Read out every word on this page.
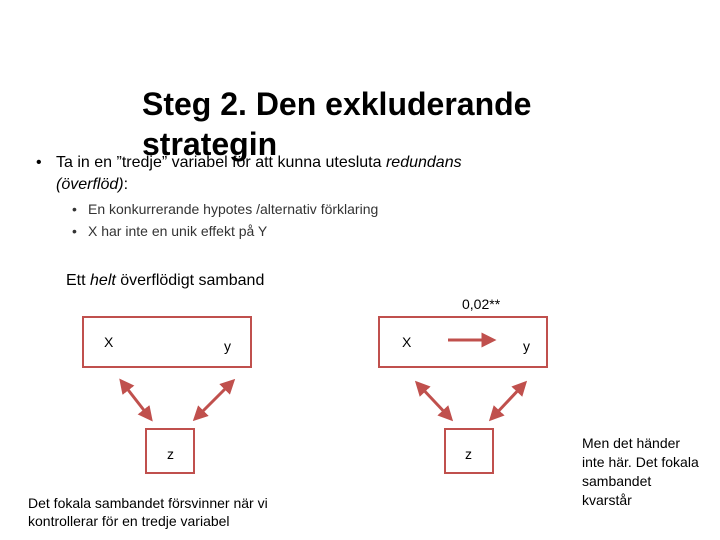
Steg 2. Den exkluderande strategin
• Ta in en ”tredje” variabel för att kunna utesluta redundans
(överflöd):
• En konkurrerande hypotes /alternativ förklaring
• X har inte en unik effekt på Y
Ett helt överflödigt samband
0,02**
X	y
z
X	y
z
Det fokala sambandet försvinner när vi kontrollerar för en tredje variabel
Men det händer inte här. Det fokala sambandet kvarstår
